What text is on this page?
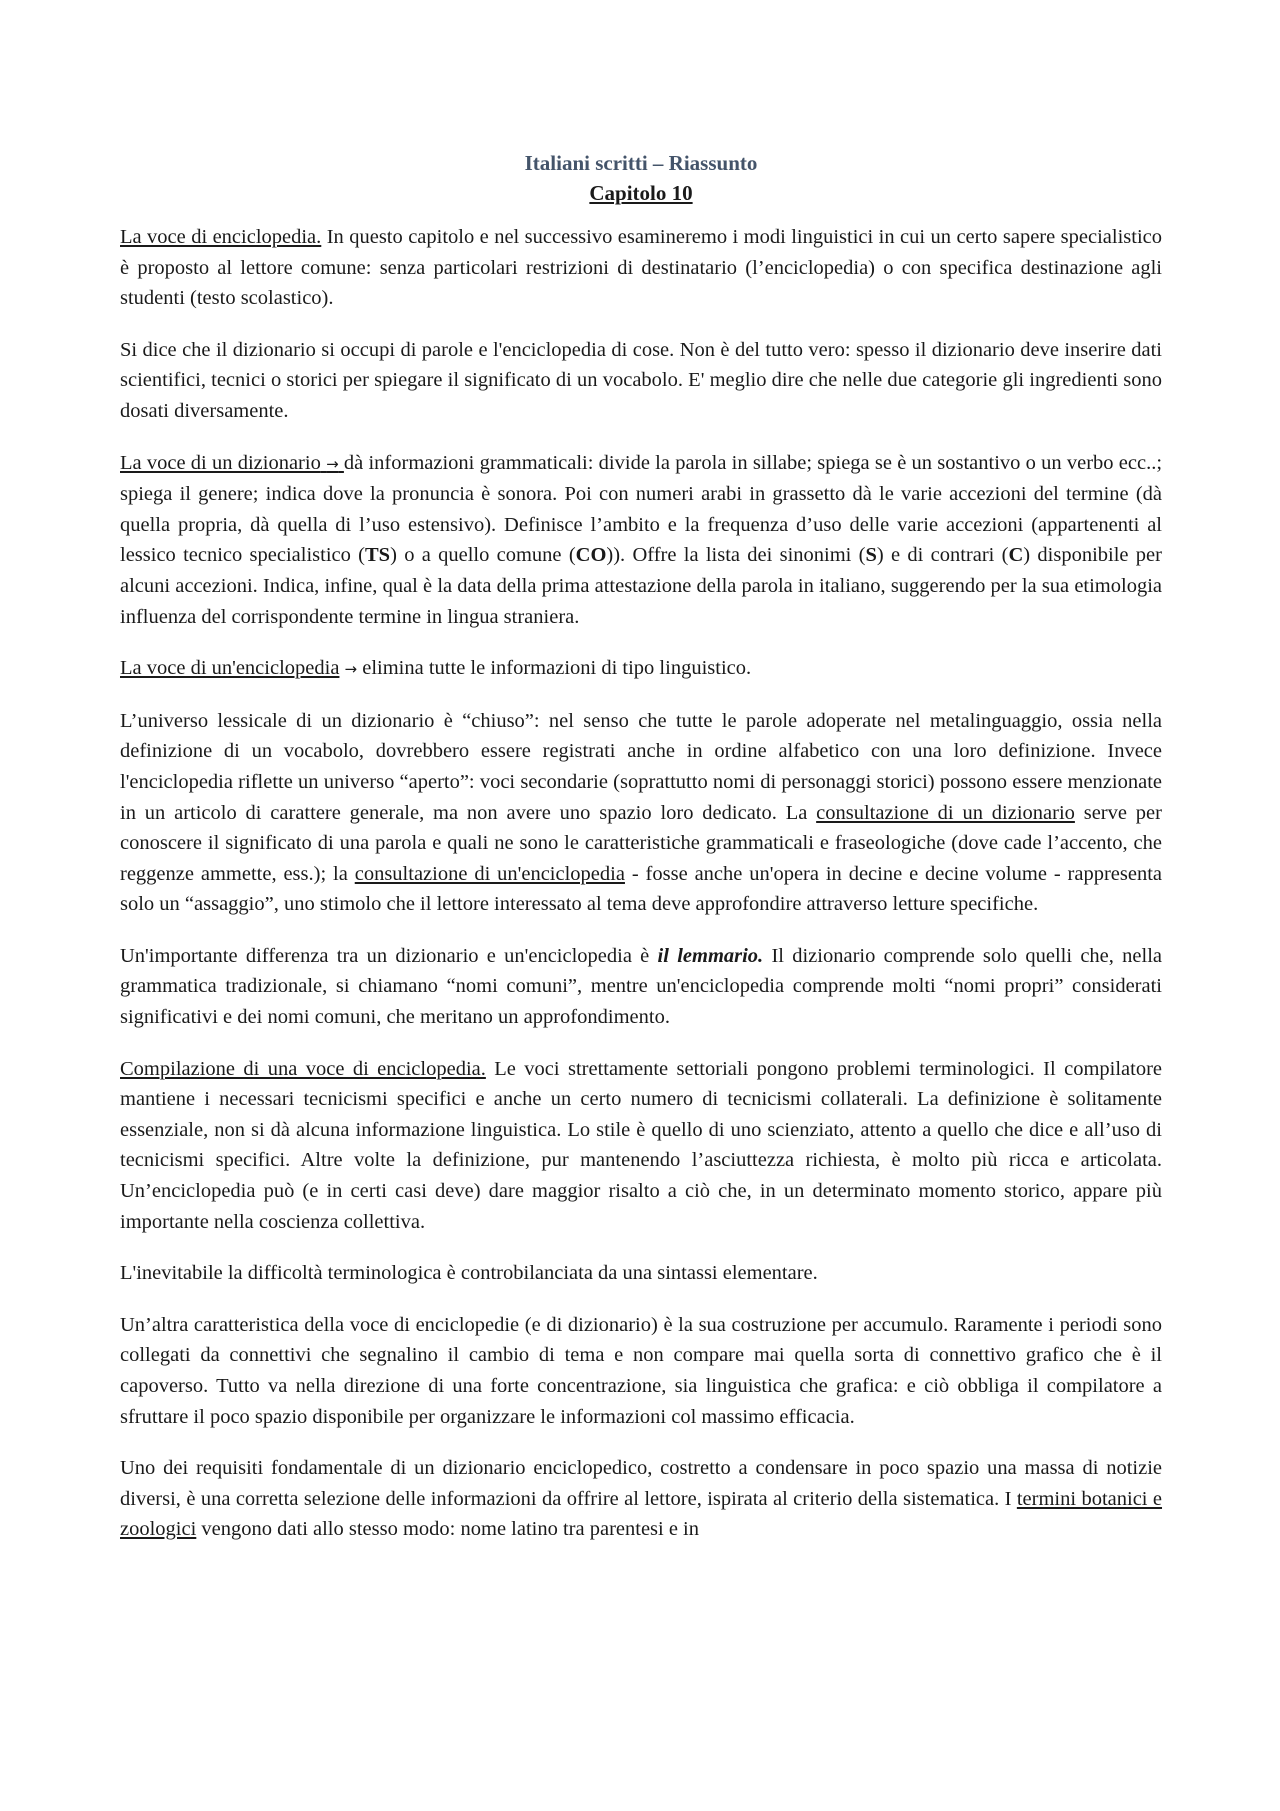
Italiani scritti – Riassunto
Capitolo 10

La voce di enciclopedia. In questo capitolo e nel successivo esamineremo i modi linguistici in cui un certo sapere specialistico è proposto al lettore comune: senza particolari restrizioni di destinatario (l’enciclopedia) o con specifica destinazione agli studenti (testo scolastico).

Si dice che il dizionario si occupi di parole e l'enciclopedia di cose. Non è del tutto vero: spesso il dizionario deve inserire dati scientifici, tecnici o storici per spiegare il significato di un vocabolo. E' meglio dire che nelle due categorie gli ingredienti sono dosati diversamente.

La voce di un dizionario → dà informazioni grammaticali: divide la parola in sillabe; spiega se è un sostantivo o un verbo ecc..; spiega il genere; indica dove la pronuncia è sonora. Poi con numeri arabi in grassetto dà le varie accezioni del termine (dà quella propria, dà quella di l’uso estensivo). Definisce l’ambito e la frequenza d’uso delle varie accezioni (appartenenti al lessico tecnico specialistico (TS) o a quello comune (CO)). Offre la lista dei sinonimi (S) e di contrari (C) disponibile per alcuni accezioni. Indica, infine, qual è la data della prima attestazione della parola in italiano, suggerendo per la sua etimologia influenza del corrispondente termine in lingua straniera.

La voce di un'enciclopedia → elimina tutte le informazioni di tipo linguistico.

L’universo lessicale di un dizionario è “chiuso”: nel senso che tutte le parole adoperate nel metalinguaggio, ossia nella definizione di un vocabolo, dovrebbero essere registrati anche in ordine alfabetico con una loro definizione. Invece l'enciclopedia riflette un universo “aperto”: voci secondarie (soprattutto nomi di personaggi storici) possono essere menzionate in un articolo di carattere generale, ma non avere uno spazio loro dedicato. La consultazione di un dizionario serve per conoscere il significato di una parola e quali ne sono le caratteristiche grammaticali e fraseologiche (dove cade l’accento, che reggenze ammette, ess.); la consultazione di un'enciclopedia - fosse anche un'opera in decine e decine volume - rappresenta solo un “assaggio”, uno stimolo che il lettore interessato al tema deve approfondire attraverso letture specifiche.

Un'importante differenza tra un dizionario e un'enciclopedia è il lemmario. Il dizionario comprende solo quelli che, nella grammatica tradizionale, si chiamano “nomi comuni”, mentre un'enciclopedia comprende molti “nomi propri” considerati significativi e dei nomi comuni, che meritano un approfondimento.

Compilazione di una voce di enciclopedia. Le voci strettamente settoriali pongono problemi terminologici. Il compilatore mantiene i necessari tecnicismi specifici e anche un certo numero di tecnicismi collaterali. La definizione è solitamente essenziale, non si dà alcuna informazione linguistica. Lo stile è quello di uno scienziato, attento a quello che dice e all’uso di tecnicismi specifici. Altre volte la definizione, pur mantenendo l’asciuttezza richiesta, è molto più ricca e articolata. Un’enciclopedia può (e in certi casi deve) dare maggior risalto a ciò che, in un determinato momento storico, appare più importante nella coscienza collettiva.

L'inevitabile la difficoltà terminologica è controbilanciata da una sintassi elementare.

Un’altra caratteristica della voce di enciclopedie (e di dizionario) è la sua costruzione per accumulo. Raramente i periodi sono collegati da connettivi che segnalino il cambio di tema e non compare mai quella sorta di connettivo grafico che è il capoverso. Tutto va nella direzione di una forte concentrazione, sia linguistica che grafica: e ciò obbliga il compilatore a sfruttare il poco spazio disponibile per organizzare le informazioni col massimo efficacia.

Uno dei requisiti fondamentale di un dizionario enciclopedico, costretto a condensare in poco spazio una massa di notizie diversi, è una corretta selezione delle informazioni da offrire al lettore, ispirata al criterio della sistematica. I termini botanici e zoologici vengono dati allo stesso modo: nome latino tra parentesi e in
